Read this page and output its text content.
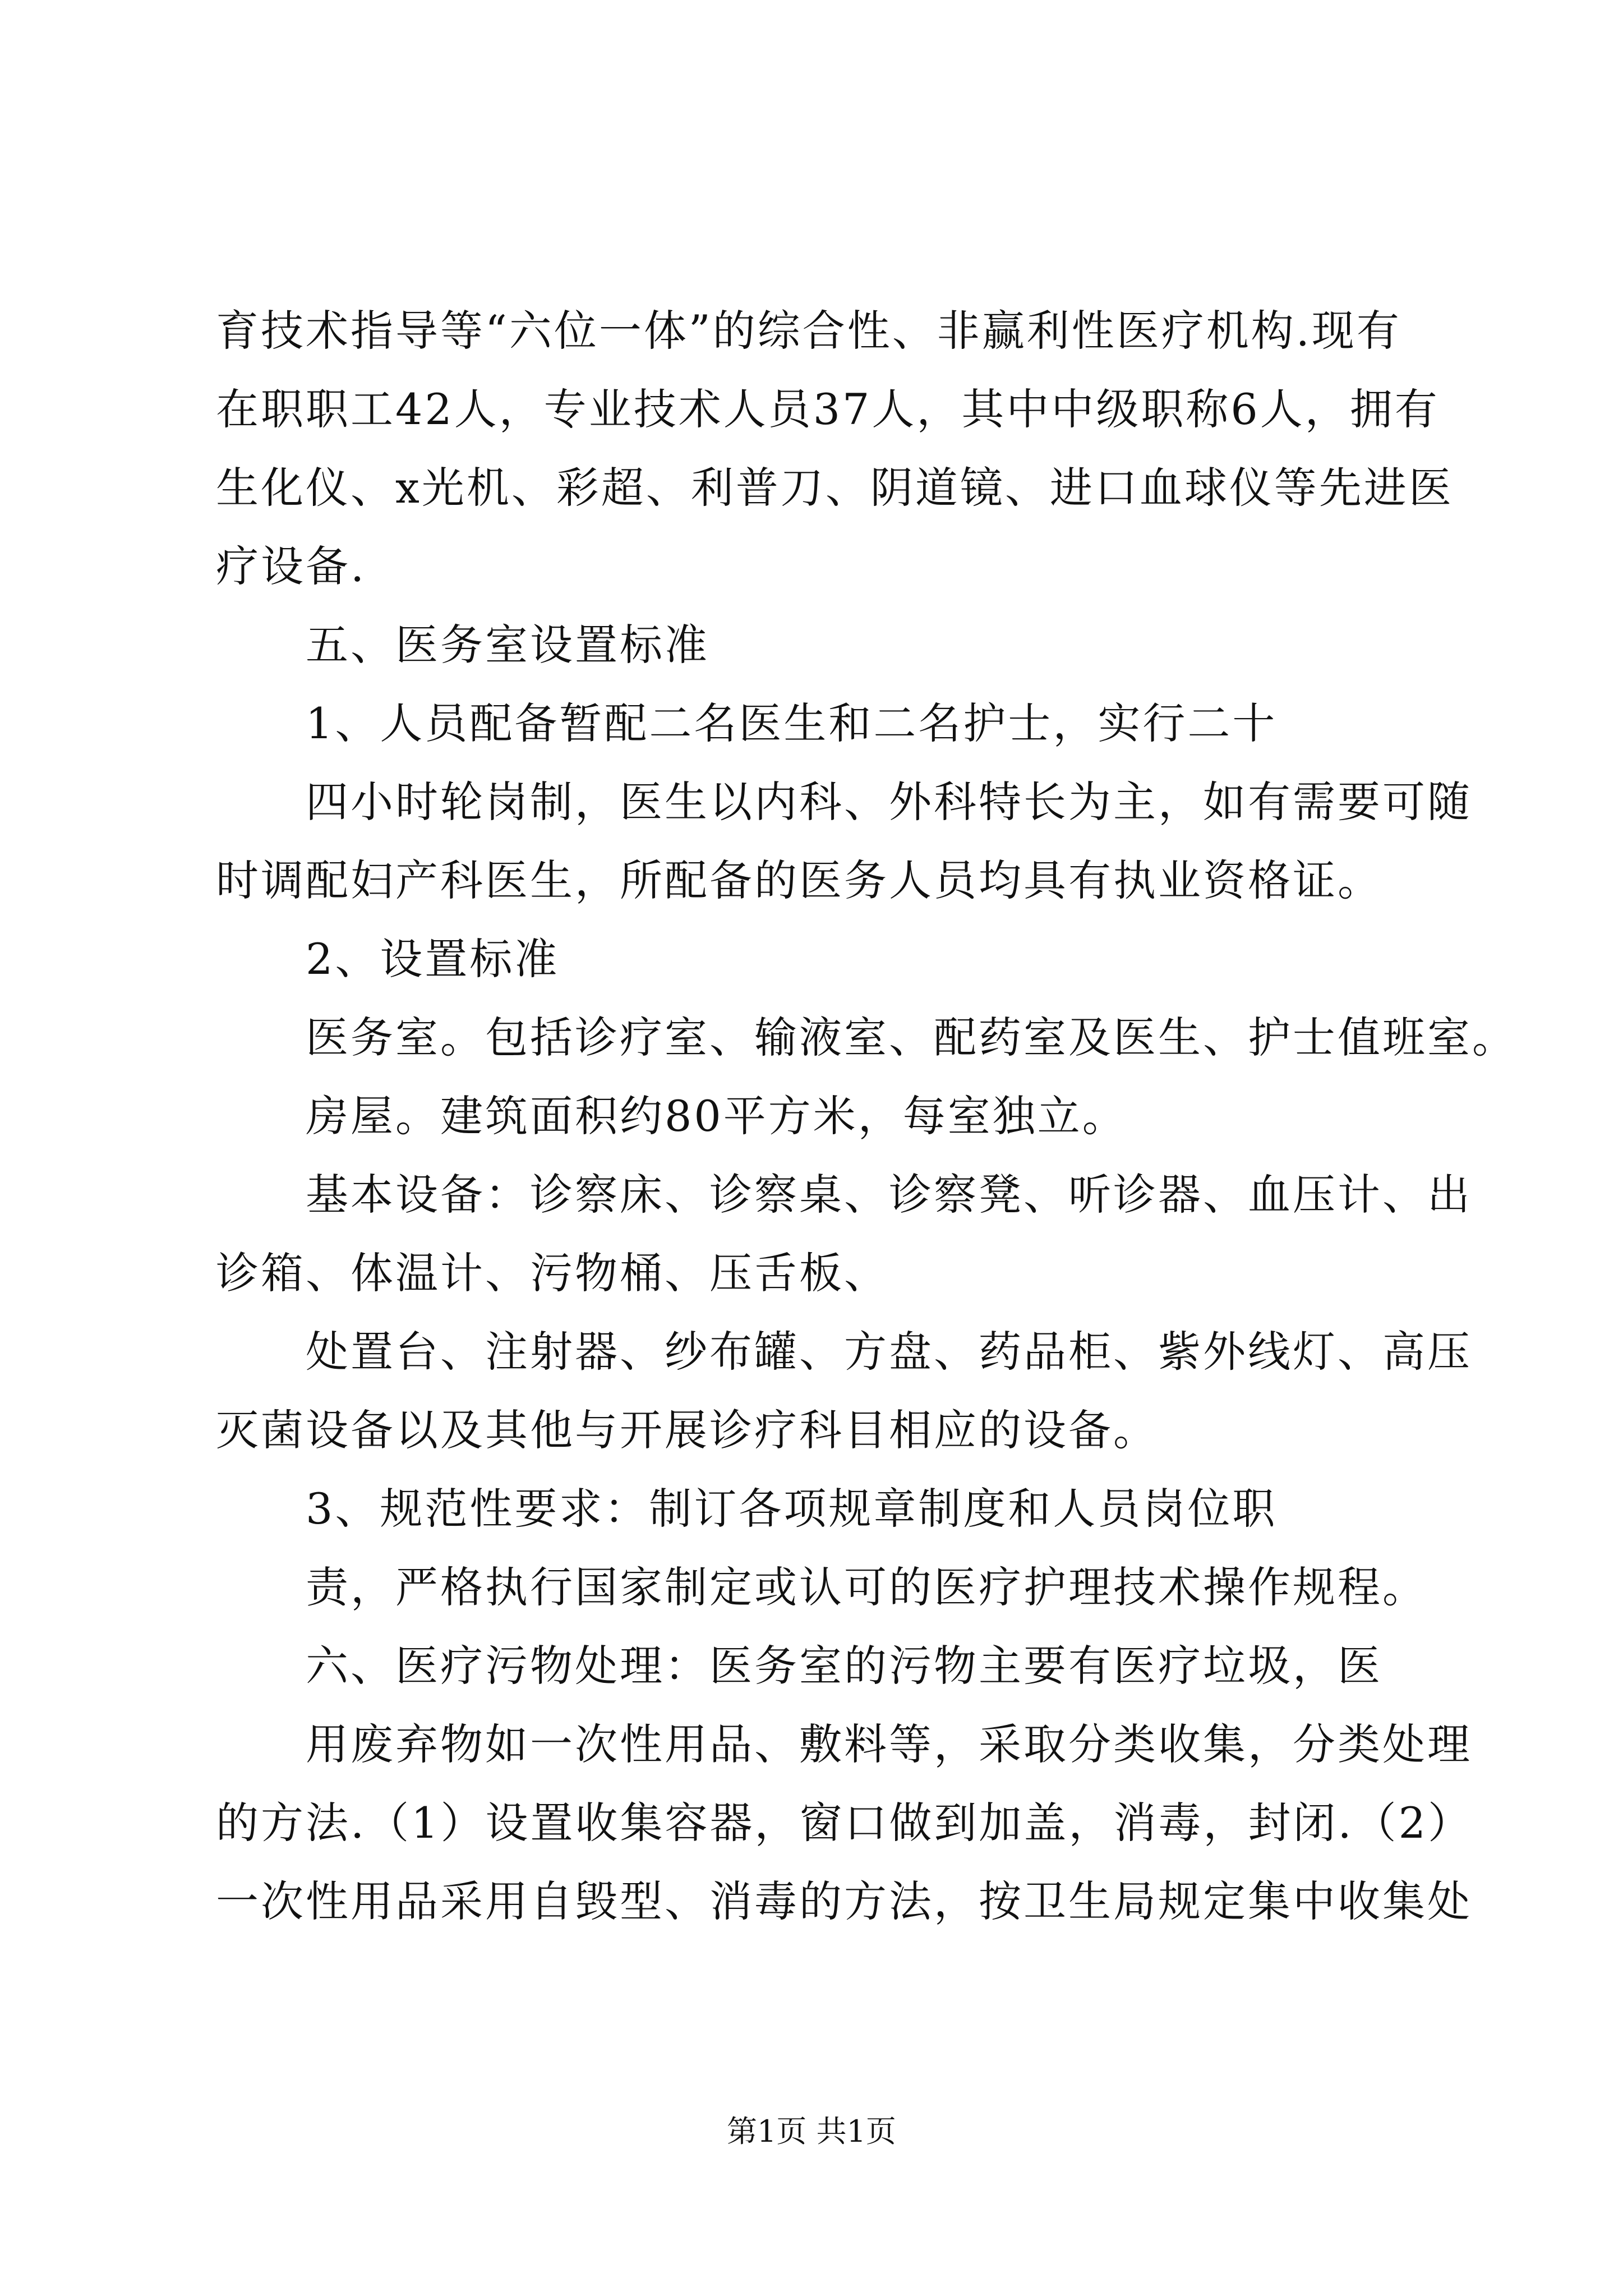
育技术指导等“六位一体”的综合性、非赢利性医疗机构.现有
在职职工42人，专业技术人员37人，其中中级职称6人，拥有
生化仪、x光机、彩超、利普刀、阴道镜、进口血球仪等先进医
疗设备.
五、医务室设置标准
1、人员配备暂配二名医生和二名护士，实行二十
四小时轮岗制，医生以内科、外科特长为主，如有需要可随
时调配妇产科医生，所配备的医务人员均具有执业资格证。
2、设置标准
医务室。包括诊疗室、输液室、配药室及医生、护士值班室。
房屋。建筑面积约80平方米，每室独立。
基本设备：诊察床、诊察桌、诊察凳、听诊器、血压计、出
诊箱、体温计、污物桶、压舌板、
处置台、注射器、纱布罐、方盘、药品柜、紫外线灯、高压
灭菌设备以及其他与开展诊疗科目相应的设备。
3、规范性要求：制订各项规章制度和人员岗位职
责，严格执行国家制定或认可的医疗护理技术操作规程。
六、医疗污物处理：医务室的污物主要有医疗垃圾，医
用废弃物如一次性用品、敷料等，采取分类收集，分类处理
的方法.（1）设置收集容器，窗口做到加盖，消毒，封闭.（2）
一次性用品采用自毁型、消毒的方法，按卫生局规定集中收集处
第1页 共1页
